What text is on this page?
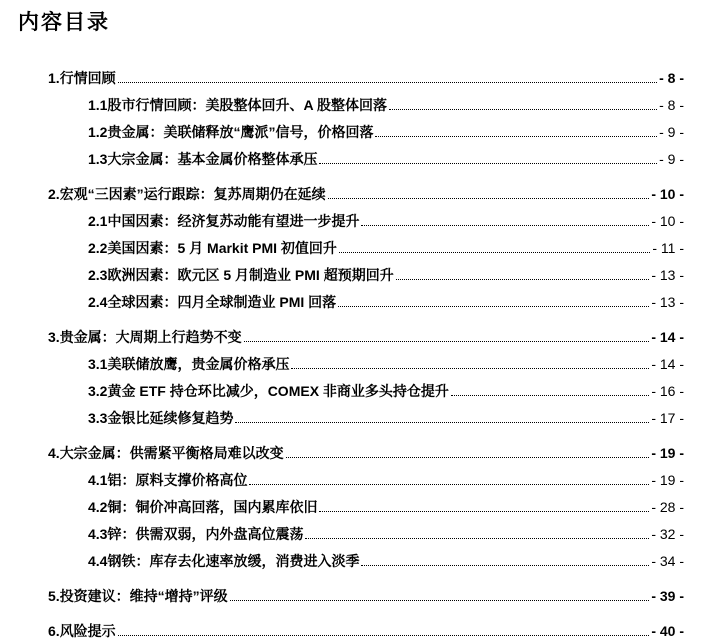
内容目录
1. 行情回顾	- 8 -
1.1 股市行情回顾：美股整体回升、A 股整体回落	- 8 -
1.2 贵金属：美联储释放“鹰派”信号，价格回落	- 9 -
1.3 大宗金属：基本金属价格整体承压	- 9 -
2. 宏观“三因素”运行跟踪：复苏周期仍在延续	- 10 -
2.1 中国因素：经济复苏动能有望进一步提升	- 10 -
2.2 美国因素：5 月 Markit PMI 初值回升	- 11 -
2.3 欧洲因素：欧元区 5 月制造业 PMI 超预期回升	- 13 -
2.4 全球因素：四月全球制造业 PMI 回落	- 13 -
3. 贵金属：大周期上行趋势不变	- 14 -
3.1 美联储放鹰，贵金属价格承压	- 14 -
3.2 黄金 ETF 持仓环比减少，COMEX 非商业多头持仓提升	- 16 -
3.3 金银比延续修复趋势	- 17 -
4. 大宗金属：供需紧平衡格局难以改变	- 19 -
4.1 铝：原料支撑价格高位	- 19 -
4.2 铜：铜价冲高回落，国内累库依旧	- 28 -
4.3 锌：供需双弱，内外盘高位震荡	- 32 -
4.4 钢铁：库存去化速率放缓，消费进入淡季	- 34 -
5. 投资建议：维持“增持”评级	- 39 -
6. 风险提示	- 40 -
